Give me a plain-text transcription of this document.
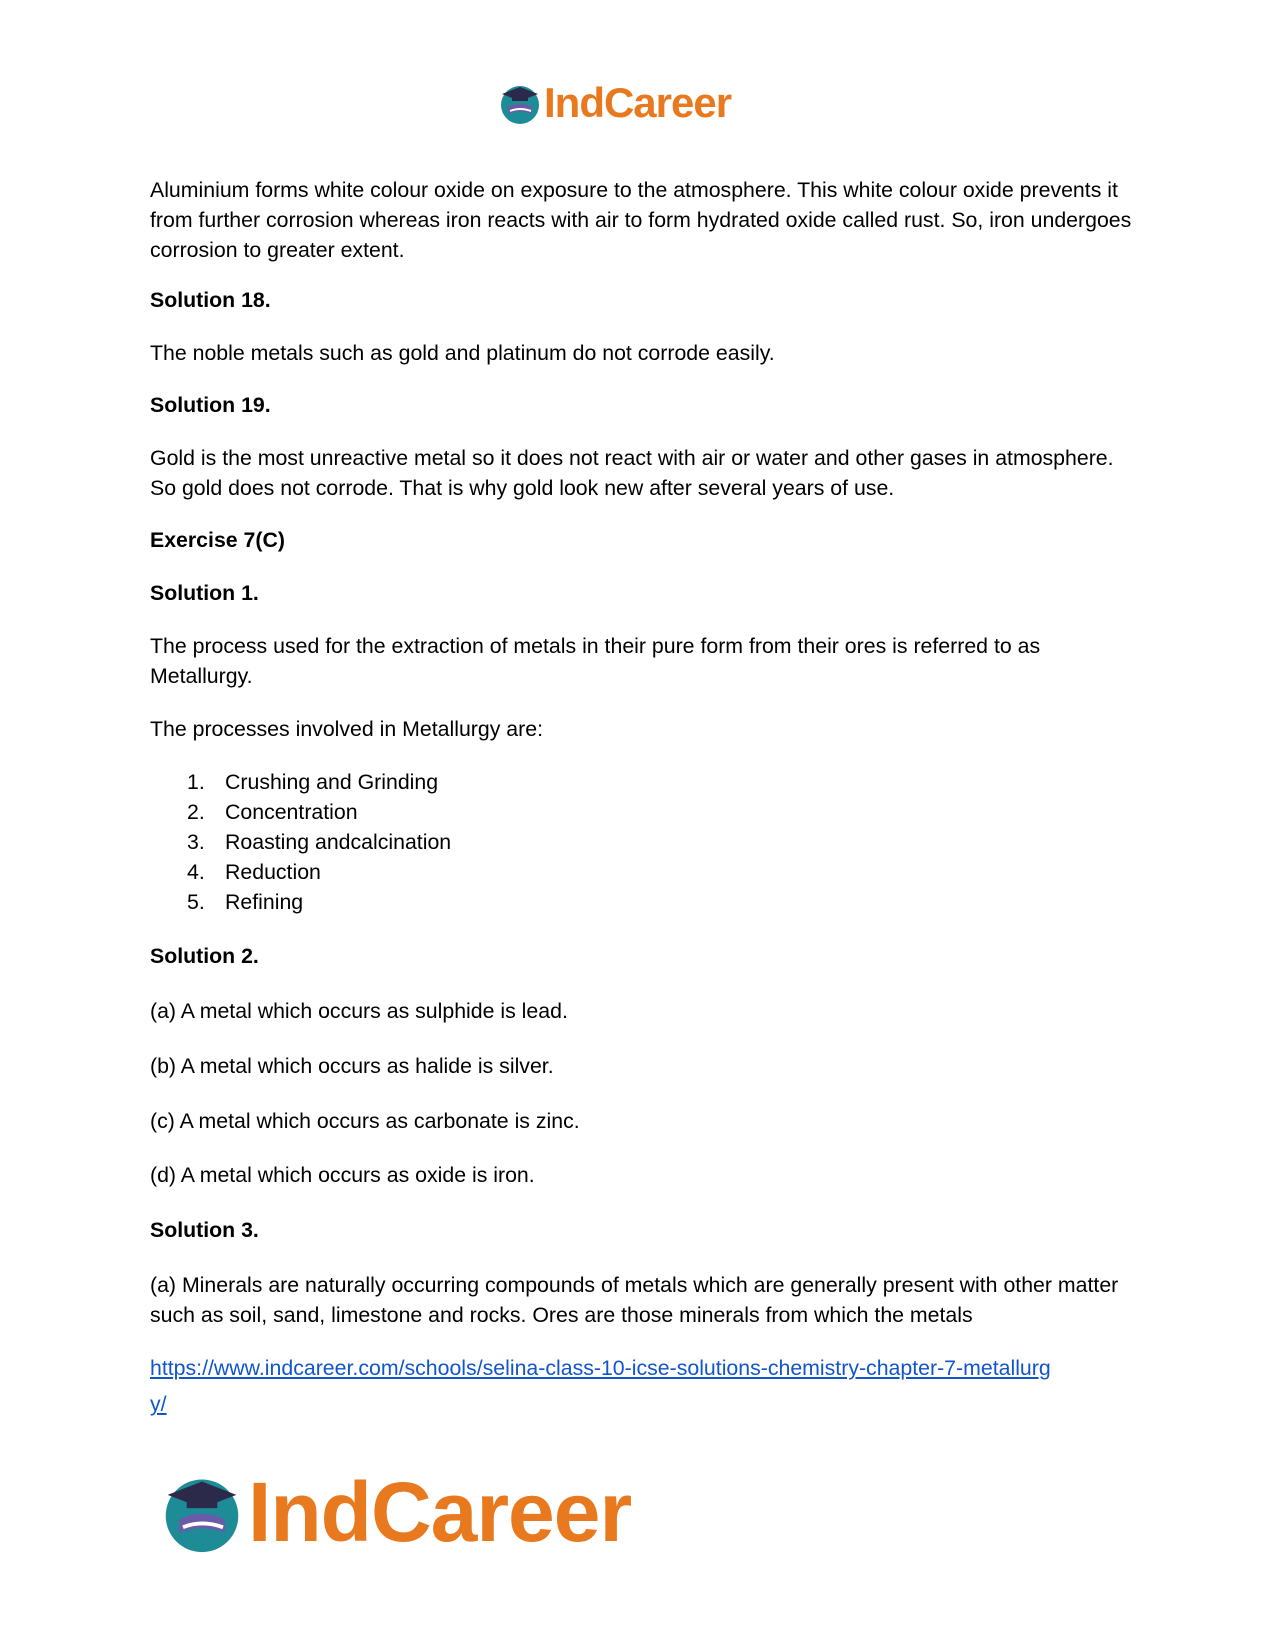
IndCareer

Aluminium forms white colour oxide on exposure to the atmosphere. This white colour oxide prevents it from further corrosion whereas iron reacts with air to form hydrated oxide called rust. So, iron undergoes corrosion to greater extent.

Solution 18.

The noble metals such as gold and platinum do not corrode easily.

Solution 19.

Gold is the most unreactive metal so it does not react with air or water and other gases in atmosphere. So gold does not corrode. That is why gold look new after several years of use.

Exercise 7(C)

Solution 1.

The process used for the extraction of metals in their pure form from their ores is referred to as Metallurgy.

The processes involved in Metallurgy are:

1. Crushing and Grinding
2. Concentration
3. Roasting andcalcination
4. Reduction
5. Refining

Solution 2.

(a) A metal which occurs as sulphide is lead.

(b) A metal which occurs as halide is silver.

(c) A metal which occurs as carbonate is zinc.

(d) A metal which occurs as oxide is iron.

Solution 3.

(a) Minerals are naturally occurring compounds of metals which are generally present with other matter such as soil, sand, limestone and rocks. Ores are those minerals from which the metals

https://www.indcareer.com/schools/selina-class-10-icse-solutions-chemistry-chapter-7-metallurg
y/
IndCareer
